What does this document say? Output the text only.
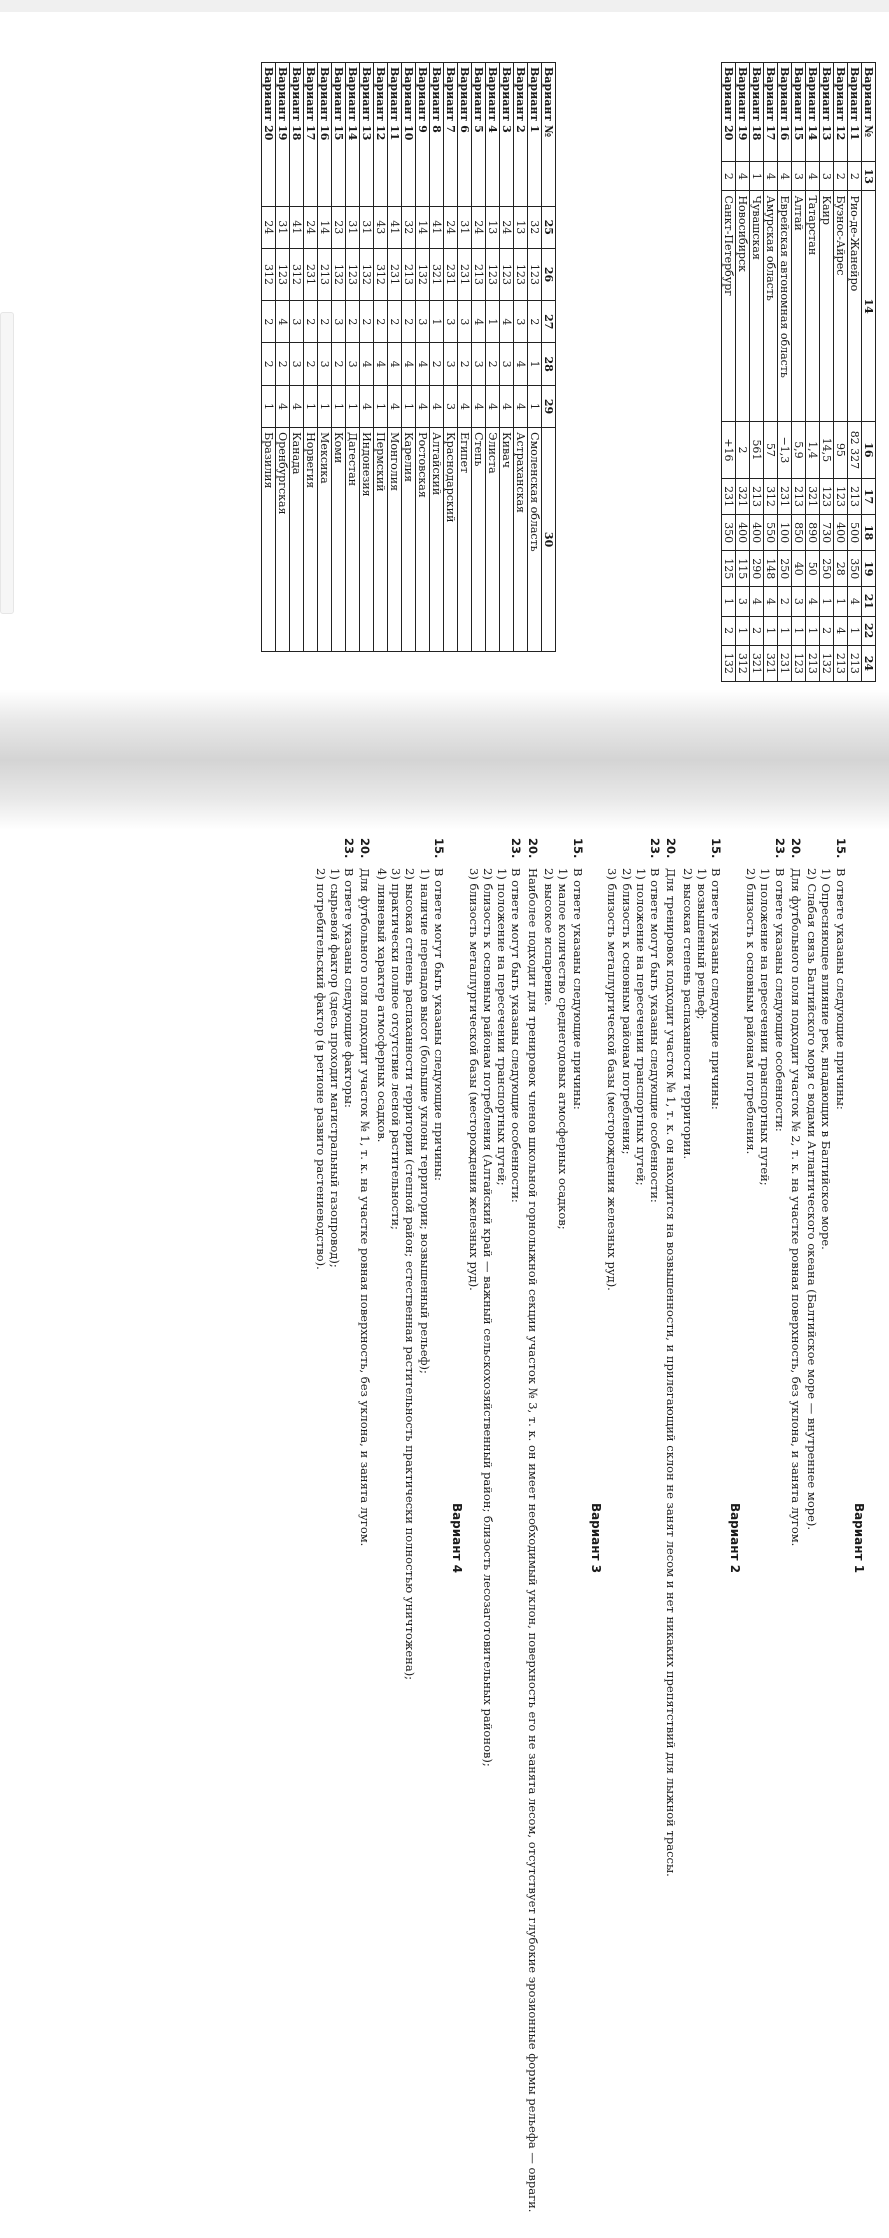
Вариант №	13	14	16	17	18	19	21	22	24
Вариант 11	2	Рио-де-Жанейро	82 327	213	500	350	4	1	213
Вариант 12	2	Буэнос-Айрес	95	123	400	28	1	4	213
Вариант 13	3	Каир	14,5	123	730	250	1	2	132
Вариант 14	4	Татарстан	1,4	321	890	50	4	1	213
Вариант 15	3	Алтай	5,9	213	850	40	3	1	123
Вариант 16	4	Еврейская автономная область	−1,3	231	100	250	2	1	231
Вариант 17	4	Амурская область	57	312	550	148	4	1	321
Вариант 18	1	Чувашская	561	213	400	290	4	2	321
Вариант 19	4	Новосибирск	2	321	400	115	3	1	312
Вариант 20	2	Санкт-Петербург	+16	231	350	125	1	2	132
Вариант №	25	26	27	28	29	30
Вариант 1	32	123	2	1	1	Смоленская область
Вариант 2	13	123	3	4	4	Астраханская
Вариант 3	24	123	4	3	4	Кивач
Вариант 4	13	123	1	2	4	Элиста
Вариант 5	24	213	4	3	4	Степь
Вариант 6	31	231	3	2	4	Египет
Вариант 7	24	231	3	3	3	Краснодарский
Вариант 8	41	321	1	2	4	Алтайский
Вариант 9	14	132	3	4	4	Ростовская
Вариант 10	32	213	2	4	1	Карелия
Вариант 11	41	231	2	4	4	Монголия
Вариант 12	43	312	2	4	1	Пермский
Вариант 13	31	132	2	4	4	Индонезия
Вариант 14	31	123	2	3	1	Дагестан
Вариант 15	23	132	3	2	1	Коми
Вариант 16	14	213	2	3	1	Мексика
Вариант 17	24	231	2	2	1	Норвегия
Вариант 18	41	312	3	3	4	Канада
Вариант 19	31	123	4	2	4	Оренбургская
Вариант 20	24	312	2	2	1	Бразилия
Вариант 1
15.

В ответе указаны следующие причины:

1) Опресняющее влияние рек, впадающих в Балтийское море.

2) Слабая связь Балтийского моря с водами Атлантического океана (Балтийское море — внутреннее море).

20.

Для футбольного поля подходит участок № 2, т. к. на участке ровная поверхность, без уклона, и занята лугом.

23.

В ответе указаны следующие особенности:

1) положение на пересечении транспортных путей;

2) близость к основным районам потребления.

Вариант 2
15.

В ответе указаны следующие причины:

1) возвышенный рельеф;

2) высокая степень распаханности территории.

20.

Для тренировок подходит участок № 1, т. к. он находится на возвышенности, и прилегающий склон не занят лесом и нет никаких препятствий для лыжной трассы.

23.

В ответе могут быть указаны следующие особенности:

1) положение на пересечении транспортных путей;

2) близость к основным районам потребления;

3) близость металлургической базы (месторождения железных руд).

Вариант 3
15.

В ответе указаны следующие причины:

1) малое количество среднегодовых атмосферных осадков;

2) высокое испарение.

20.

Наиболее подходит для тренировок членов школьной горнолыжной секции участок № 3, т. к. он имеет необходимый уклон, поверхность его не занята лесом, отсутствует глубокие эрозионные формы рельефа — овраги.

23.

В ответе могут быть указаны следующие особенности:

1) положение на пересечении транспортных путей;

2) близость к основным районам потребления (Алтайский край — важный сельскохозяйственный район; близость лесозаготовительных районов);

3) близость металлургической базы (месторождения железных руд).

Вариант 4
15.

В ответе могут быть указаны следующие причины:

1) наличие перепадов высот (большие уклоны территории; возвышенный рельеф);

2) высокая степень распаханности территории (степной район; естественная растительность практически полностью уничтожена);

3) практически полное отсутствие лесной растительности;

4) ливневый характер атмосферных осадков.

20.

Для футбольного поля подходит участок № 1, т. к. на участке ровная поверхность, без уклона, и занята лугом.

23.

В ответе указаны следующие факторы:

1) сырьевой фактор (здесь проходит магистральный газопровод);

2) потребительский фактор (в регионе развито растениеводство).
